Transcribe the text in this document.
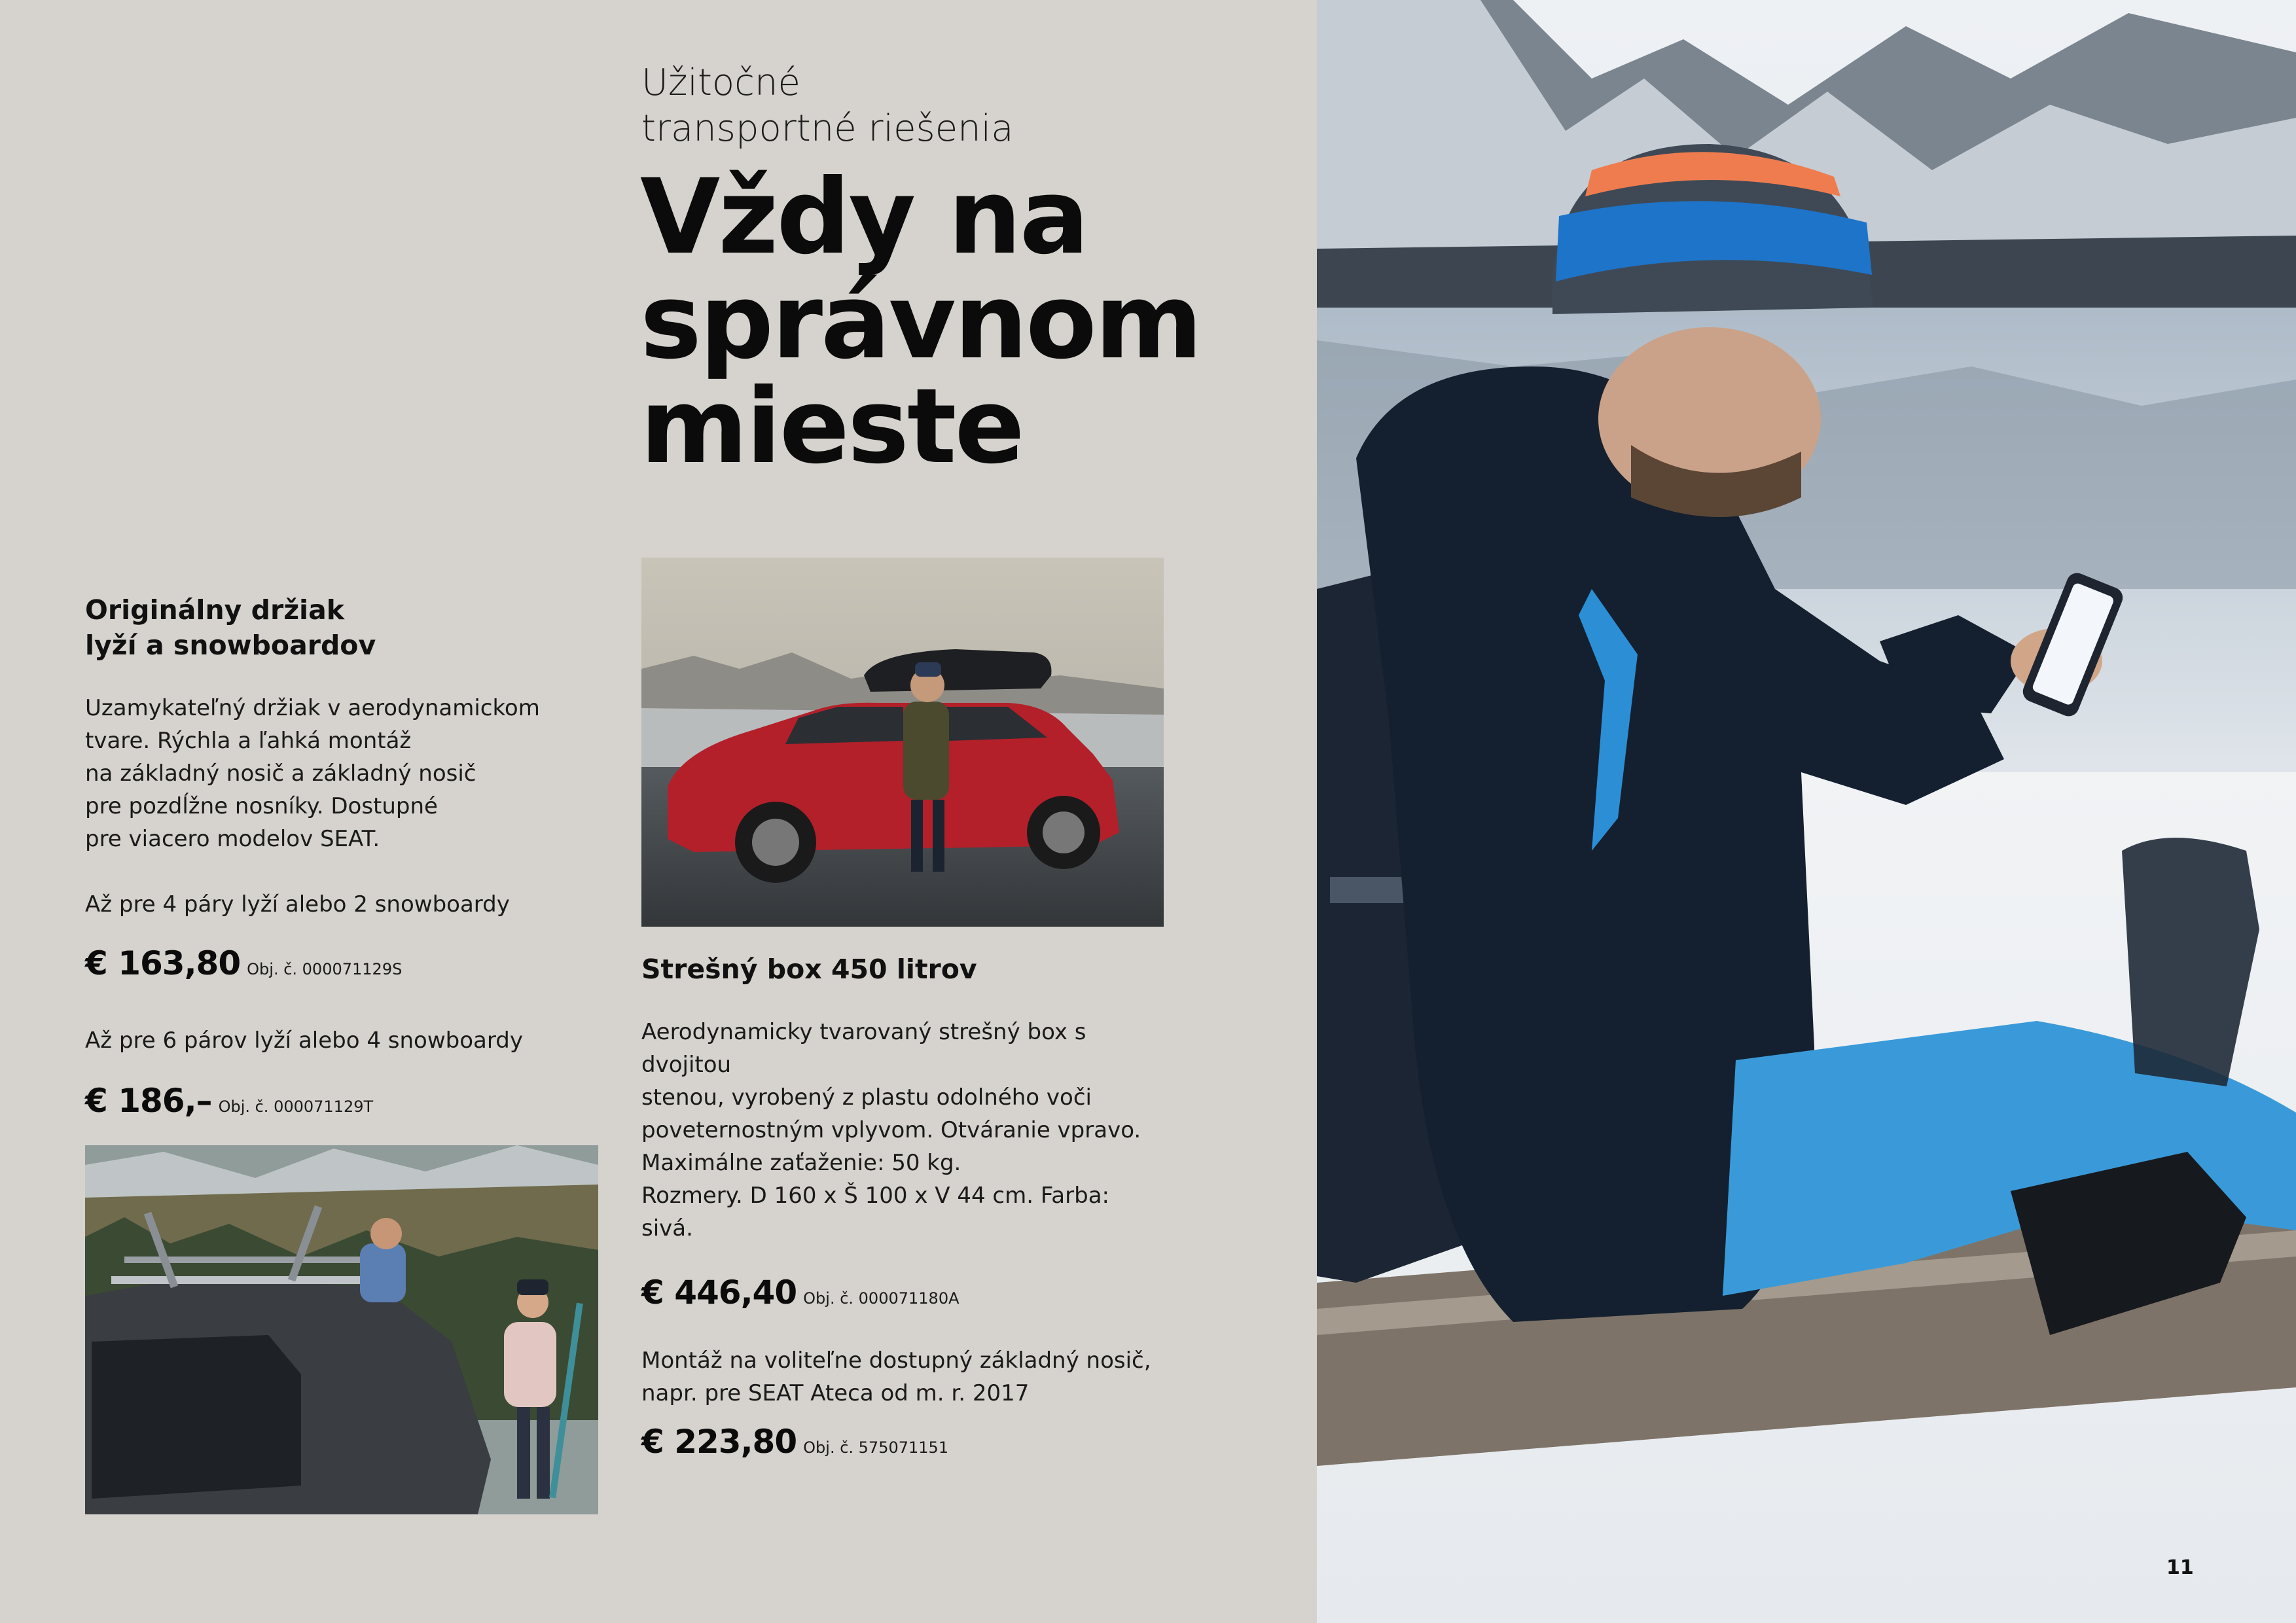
Užitočné
transportné riešenia
Vždy na
správnom
mieste
Originálny držiak
lyží a snowboardov
Uzamykateľný držiak v aerodynamickom
tvare. Rýchla a ľahká montáž
na základný nosič a základný nosič
pre pozdĺžne nosníky. Dostupné
pre viacero modelov SEAT.
Až pre 4 páry lyží alebo 2 snowboardy
€ 163,80 Obj. č. 000071129S
Až pre 6 párov lyží alebo 4 snowboardy
€ 186,– Obj. č. 000071129T
Strešný box 450 litrov
Aerodynamicky tvarovaný strešný box s dvojitou
stenou, vyrobený z plastu odolného voči
poveternostným vplyvom. Otváranie vpravo.
Maximálne zaťaženie: 50 kg.
Rozmery. D 160 x Š 100 x V 44 cm. Farba: sivá.
€ 446,40 Obj. č. 000071180A
Montáž na voliteľne dostupný základný nosič,
napr. pre SEAT Ateca od m. r. 2017
€ 223,80 Obj. č. 575071151
11
